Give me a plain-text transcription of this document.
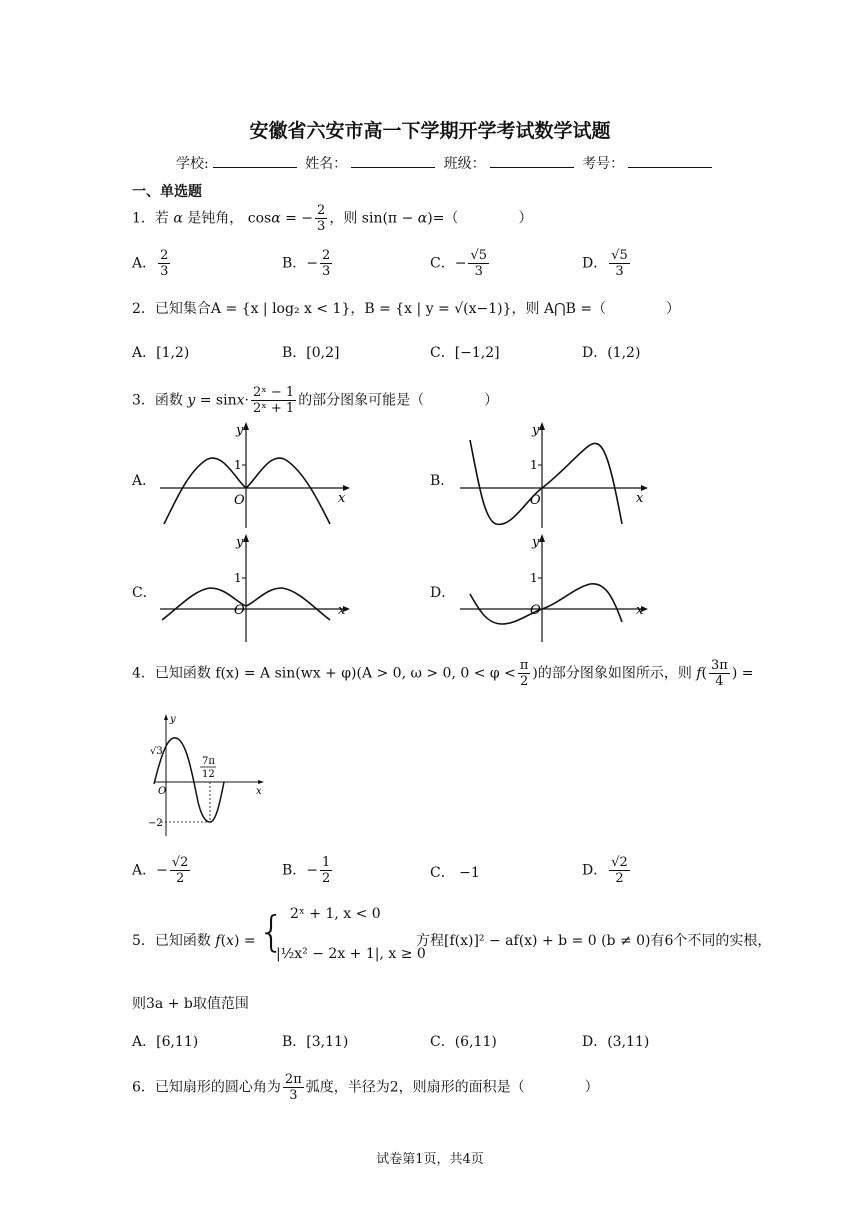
安徽省六安市高一下学期开学考试数学试题
学校:	姓名：	班级：	考号：
一、单选题
1．若 α 是钝角， cosα = − $\frac{2}{3}$ ，则 sin(π − α)=（	）
A． $\frac{2}{3}$	B．− $\frac{2}{3}$	C．− $\frac{√5}{3}$	D． $\frac{√5}{3}$
2．已知集合A = {x | log₂ x < 1}，B = {x | y = √(x−1)}，则 A⋂B =（	）
A．[1,2)	B．[0,2]	C．[−1,2]	D．(1,2)
3．函数 $y = \sin x\cdot \frac{\text{2ˣ − 1}}{\text{2ˣ + 1}}$ 的部分图象可能是（	）
A．	B．
C．	D．
y
x
1
O
y
x
1
O
y
x
1
O
y
x
1
O
4．已知函数 f(x) = A sin(wx + φ)(A > 0, ω > 0, $0 < \varphi < \frac{\pi}{2}$ )的部分图象如图所示，则 $f( \frac{3\pi}{4}$ ) =
y
x
O
√3
−2
7π
12
A．− $\frac{√2}{2}$	B．− $\frac{1}{2}$	C． −1	D． $\frac{√2}{2}$
5．已知函数 f(x) = { 2ˣ + 1, x < 0
|½x² − 2x + 1|, x ≥ 0
方程[f(x)]² − af(x) + b = 0 (b ≠ 0)有6个不同的实根，
则3a + b取值范围
A．[6,11)	B．[3,11)	C．(6,11)	D．(3,11)
6．已知扇形的圆心角为 $\frac{2\pi}{3}$ 弧度，半径为2，则扇形的面积是（	）
试卷第1页，共4页
